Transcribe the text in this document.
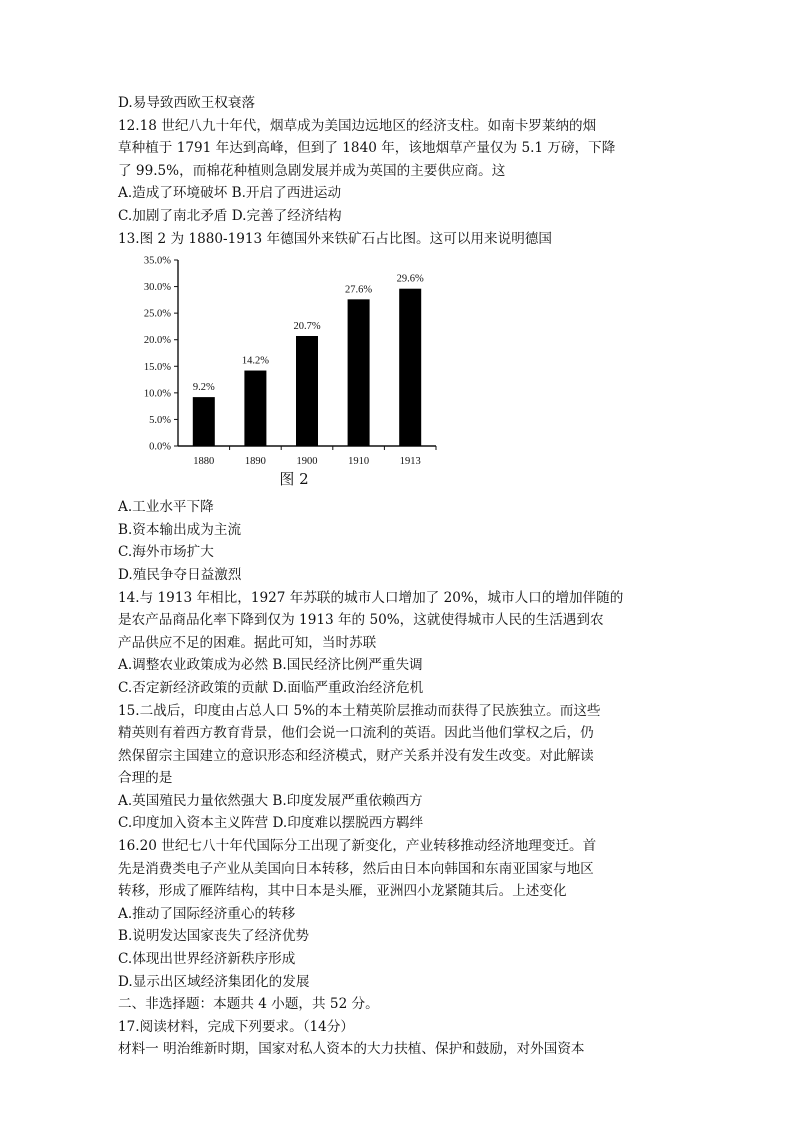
D.易导致西欧王权衰落
12.18 世纪八九十年代，烟草成为美国边远地区的经济支柱。如南卡罗莱纳的烟
草种植于 1791 年达到高峰，但到了 1840 年，该地烟草产量仅为 5.1 万磅，下降
了 99.5%，而棉花种植则急剧发展并成为英国的主要供应商。这
A.造成了环境破坏 B.开启了西进运动
C.加剧了南北矛盾 D.完善了经济结构
13.图 2 为 1880-1913 年德国外来铁矿石占比图。这可以用来说明德国
0.0%
5.0%
10.0%
15.0%
20.0%
25.0%
30.0%
35.0%
9.2%
1880
14.2%
1890
20.7%
1900
27.6%
1910
29.6%
1913
图 2
A.工业水平下降
B.资本输出成为主流
C.海外市场扩大
D.殖民争夺日益激烈
14.与 1913 年相比，1927 年苏联的城市人口增加了 20%，城市人口的增加伴随的
是农产品商品化率下降到仅为 1913 年的 50%，这就使得城市人民的生活遇到农
产品供应不足的困难。据此可知，当时苏联
A.调整农业政策成为必然 B.国民经济比例严重失调
C.否定新经济政策的贡献 D.面临严重政治经济危机
15.二战后，印度由占总人口 5%的本土精英阶层推动而获得了民族独立。而这些
精英则有着西方教育背景，他们会说一口流利的英语。因此当他们掌权之后，仍
然保留宗主国建立的意识形态和经济模式，财产关系并没有发生改变。对此解读
合理的是
A.英国殖民力量依然强大 B.印度发展严重依赖西方
C.印度加入资本主义阵营 D.印度难以摆脱西方羁绊
16.20 世纪七八十年代国际分工出现了新变化，产业转移推动经济地理变迁。首
先是消费类电子产业从美国向日本转移，然后由日本向韩国和东南亚国家与地区
转移，形成了雁阵结构，其中日本是头雁，亚洲四小龙紧随其后。上述变化
A.推动了国际经济重心的转移
B.说明发达国家丧失了经济优势
C.体现出世界经济新秩序形成
D.显示出区域经济集团化的发展
二、非选择题：本题共 4 小题，共 52 分。
17.阅读材料，完成下列要求。（14分）
材料一 明治维新时期，国家对私人资本的大力扶植、保护和鼓励，对外国资本
